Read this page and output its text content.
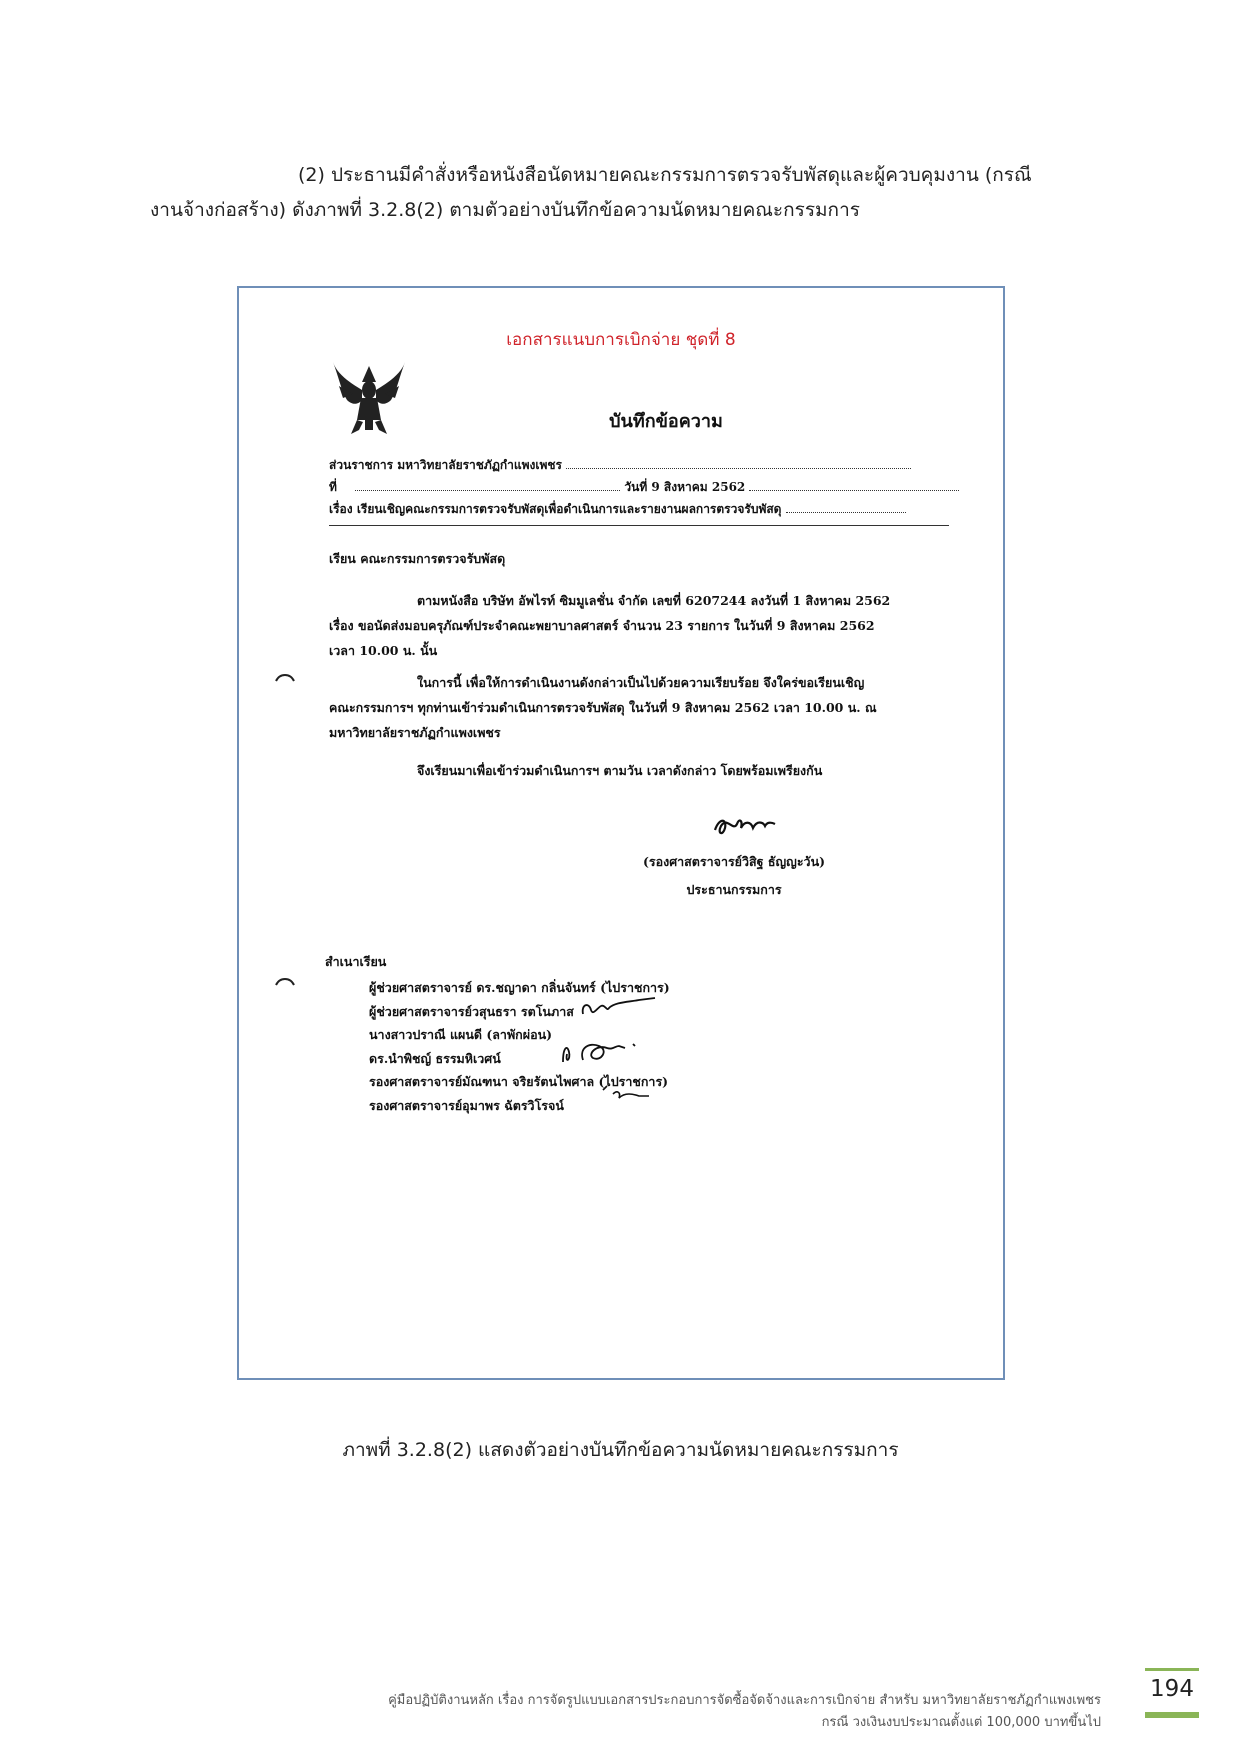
(2) ประธานมีคำสั่งหรือหนังสือนัดหมายคณะกรรมการตรวจรับพัสดุและผู้ควบคุมงาน (กรณี

งานจ้างก่อสร้าง) ดังภาพที่ 3.2.8(2) ตามตัวอย่างบันทึกข้อความนัดหมายคณะกรรมการ

เอกสารแนบการเบิกจ่าย ชุดที่ 8
บันทึกข้อความ
ส่วนราชการ มหาวิทยาลัยราชภัฏกำแพงเพชร
ที่	วันที่ 9 สิงหาคม 2562
เรื่อง เรียนเชิญคณะกรรมการตรวจรับพัสดุเพื่อดำเนินการและรายงานผลการตรวจรับพัสดุ
เรียน คณะกรรมการตรวจรับพัสดุ

ตามหนังสือ บริษัท อัพไรท์ ซิมมูเลชั่น จำกัด เลขที่ 6207244 ลงวันที่ 1 สิงหาคม 2562

เรื่อง ขอนัดส่งมอบครุภัณฑ์ประจำคณะพยาบาลศาสตร์ จำนวน 23 รายการ ในวันที่ 9 สิงหาคม 2562

เวลา 10.00 น. นั้น

ในการนี้ เพื่อให้การดำเนินงานดังกล่าวเป็นไปด้วยความเรียบร้อย จึงใคร่ขอเรียนเชิญ

คณะกรรมการฯ ทุกท่านเข้าร่วมดำเนินการตรวจรับพัสดุ ในวันที่ 9 สิงหาคม 2562 เวลา 10.00 น. ณ

มหาวิทยาลัยราชภัฏกำแพงเพชร

จึงเรียนมาเพื่อเข้าร่วมดำเนินการฯ ตามวัน เวลาดังกล่าว โดยพร้อมเพรียงกัน

(รองศาสตราจารย์วิสิฐ ธัญญะวัน)
ประธานกรรมการ
สำเนาเรียน
ผู้ช่วยศาสตราจารย์ ดร.ชญาดา กลิ่นจันทร์ (ไปราชการ)
ผู้ช่วยศาสตราจารย์วสุนธรา รตโนภาส
นางสาวปราณี แผนดี (ลาพักผ่อน)
ดร.นำพิชญ์ ธรรมหิเวศน์
รองศาสตราจารย์มัณฑนา จริยรัตนไพศาล (ไปราชการ)
รองศาสตราจารย์อุมาพร ฉัตรวิโรจน์
ภาพที่ 3.2.8(2) แสดงตัวอย่างบันทึกข้อความนัดหมายคณะกรรมการ

คู่มือปฏิบัติงานหลัก เรื่อง การจัดรูปแบบเอกสารประกอบการจัดซื้อจัดจ้างและการเบิกจ่าย สำหรับ มหาวิทยาลัยราชภัฏกำแพงเพชร

กรณี วงเงินงบประมาณตั้งแต่ 100,000 บาทขึ้นไป

194
